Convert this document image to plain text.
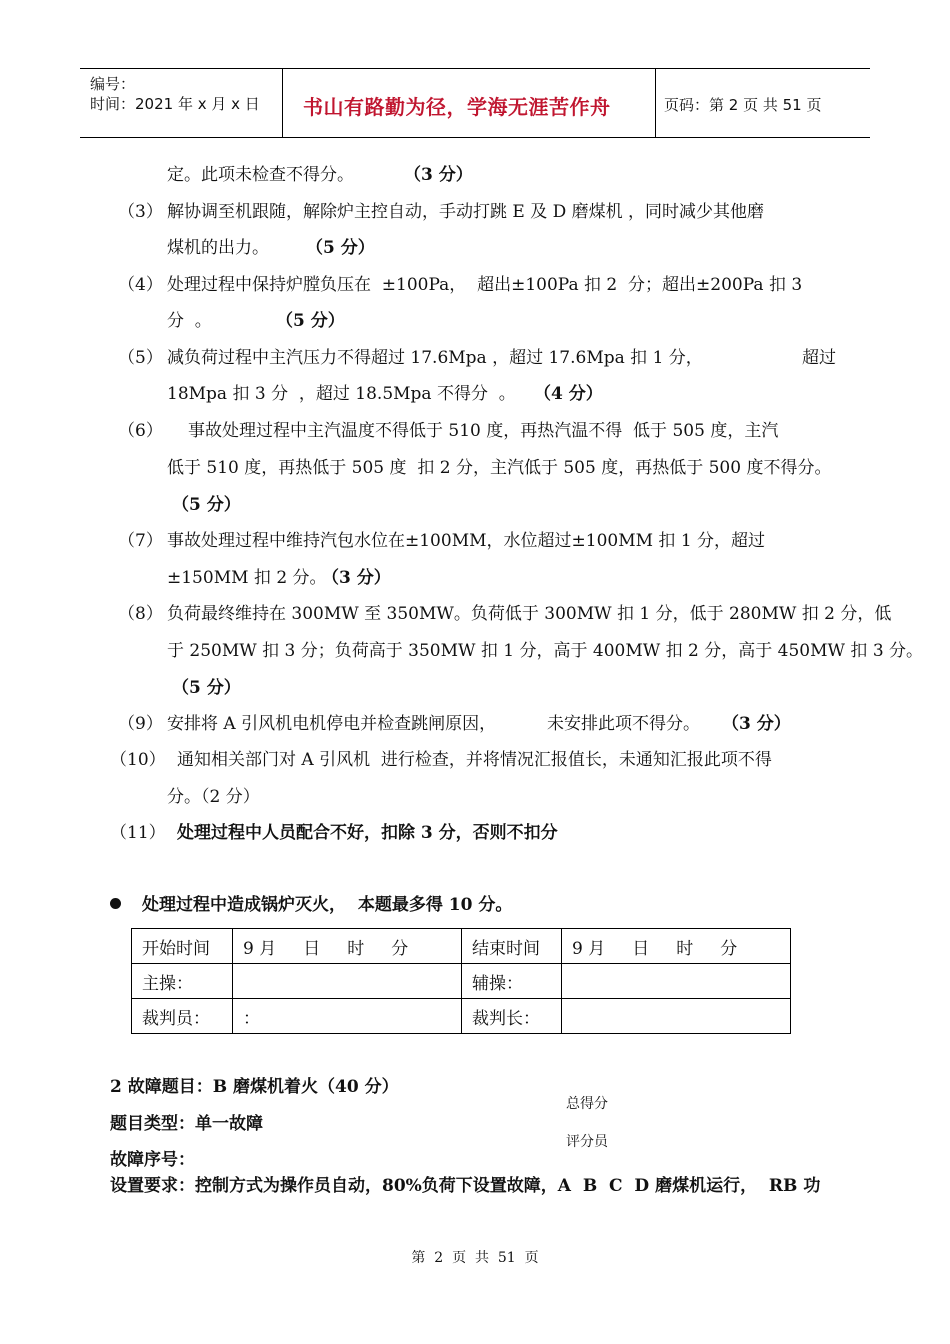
编号：
时间：2021 年 x 月 x 日 书山有路勤为径，学海无涯苦作舟	页码：第 2 页 共 51 页
定。此项未检查不得分。	（3 分）
（3） 解协调至机跟随，解除炉主控自动，手动打跳 E 及 D 磨煤机 ，同时减少其他磨
煤机的出力。 （5 分）
（4） 处理过程中保持炉膛负压在  ±100Pa，  超出±100Pa 扣 2  分；超出±200Pa 扣 3
分  。	（5 分）
（5） 减负荷过程中主汽压力不得超过 17.6Mpa ，超过 17.6Mpa 扣 1 分，	超过
18Mpa 扣 3 分  ，超过 18.5Mpa 不得分  。 （4 分）
（6） 事故处理过程中主汽温度不得低于 510 度，再热汽温不得  低于 505 度，主汽
低于 510 度，再热低于 505 度  扣 2 分，主汽低于 505 度，再热低于 500 度不得分。
（5 分）
（7） 事故处理过程中维持汽包水位在±100MM，水位超过±100MM 扣 1 分，超过
±150MM 扣 2 分。
（3 分）
（8） 负荷最终维持在 300MW 至 350MW。负荷低于 300MW 扣 1 分，低于 280MW 扣 2 分，低
于 250MW 扣 3 分；负荷高于 350MW 扣 1 分，高于 400MW 扣 2 分，高于 450MW 扣 3 分。
（5 分）
（9） 安排将 A 引风机电机停电并检查跳闸原因，	未安排此项不得分。 （3 分）
（10） 通知相关部门对 A 引风机  进行检查，并将情况汇报值长，未通知汇报此项不得
分。（2 分）
（11） 处理过程中人员配合不好，扣除 3 分，否则不扣分
处理过程中造成锅炉灭火，  本题最多得 10 分。
开始时间	9 月     日     时     分	结束时间	9 月     日     时     分
主操：		辅操：	
裁判员：	：	裁判长：	
2 故障题目：B 磨煤机着火（40 分）
总得分
题目类型：单一故障
评分员
故障序号：
设置要求：控制方式为操作员自动，80%负荷下设置故障，A  B  C  D 磨煤机运行，  RB 功
第  2  页  共  51  页
